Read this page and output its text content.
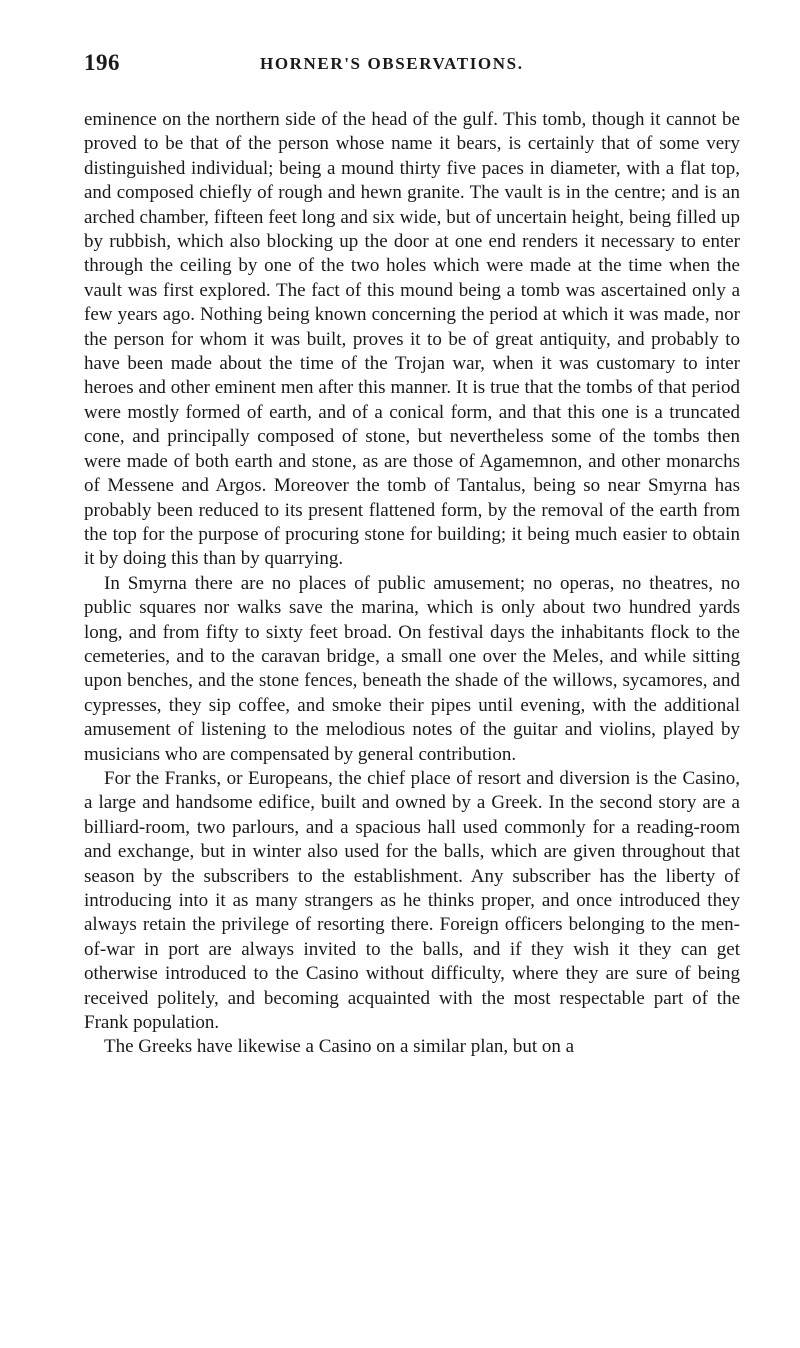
196	HORNER'S OBSERVATIONS.

eminence on the northern side of the head of the gulf. This tomb, though it cannot be proved to be that of the person whose name it bears, is certainly that of some very distinguished individual; being a mound thirty five paces in diameter, with a flat top, and composed chiefly of rough and hewn granite. The vault is in the centre; and is an arched chamber, fifteen feet long and six wide, but of uncertain height, being filled up by rubbish, which also blocking up the door at one end renders it necessary to enter through the ceiling by one of the two holes which were made at the time when the vault was first explored. The fact of this mound being a tomb was ascertained only a few years ago. Nothing being known concerning the period at which it was made, nor the person for whom it was built, proves it to be of great antiquity, and probably to have been made about the time of the Trojan war, when it was customary to inter heroes and other eminent men after this manner. It is true that the tombs of that period were mostly formed of earth, and of a conical form, and that this one is a truncated cone, and principally composed of stone, but nevertheless some of the tombs then were made of both earth and stone, as are those of Agamemnon, and other monarchs of Messene and Argos. Moreover the tomb of Tantalus, being so near Smyrna has probably been reduced to its present flattened form, by the removal of the earth from the top for the purpose of procuring stone for building; it being much easier to obtain it by doing this than by quarrying.

In Smyrna there are no places of public amusement; no operas, no theatres, no public squares nor walks save the marina, which is only about two hundred yards long, and from fifty to sixty feet broad. On festival days the inhabitants flock to the cemeteries, and to the caravan bridge, a small one over the Meles, and while sitting upon benches, and the stone fences, beneath the shade of the willows, sycamores, and cypresses, they sip coffee, and smoke their pipes until evening, with the additional amusement of listening to the melodious notes of the guitar and violins, played by musicians who are compensated by general contribution.

For the Franks, or Europeans, the chief place of resort and diversion is the Casino, a large and handsome edifice, built and owned by a Greek. In the second story are a billiard-room, two parlours, and a spacious hall used commonly for a reading-room and exchange, but in winter also used for the balls, which are given throughout that season by the subscribers to the establishment. Any subscriber has the liberty of introducing into it as many strangers as he thinks proper, and once introduced they always retain the privilege of resorting there. Foreign officers belonging to the men-of-war in port are always invited to the balls, and if they wish it they can get otherwise introduced to the Casino without difficulty, where they are sure of being received politely, and becoming acquainted with the most respectable part of the Frank population.

The Greeks have likewise a Casino on a similar plan, but on a
